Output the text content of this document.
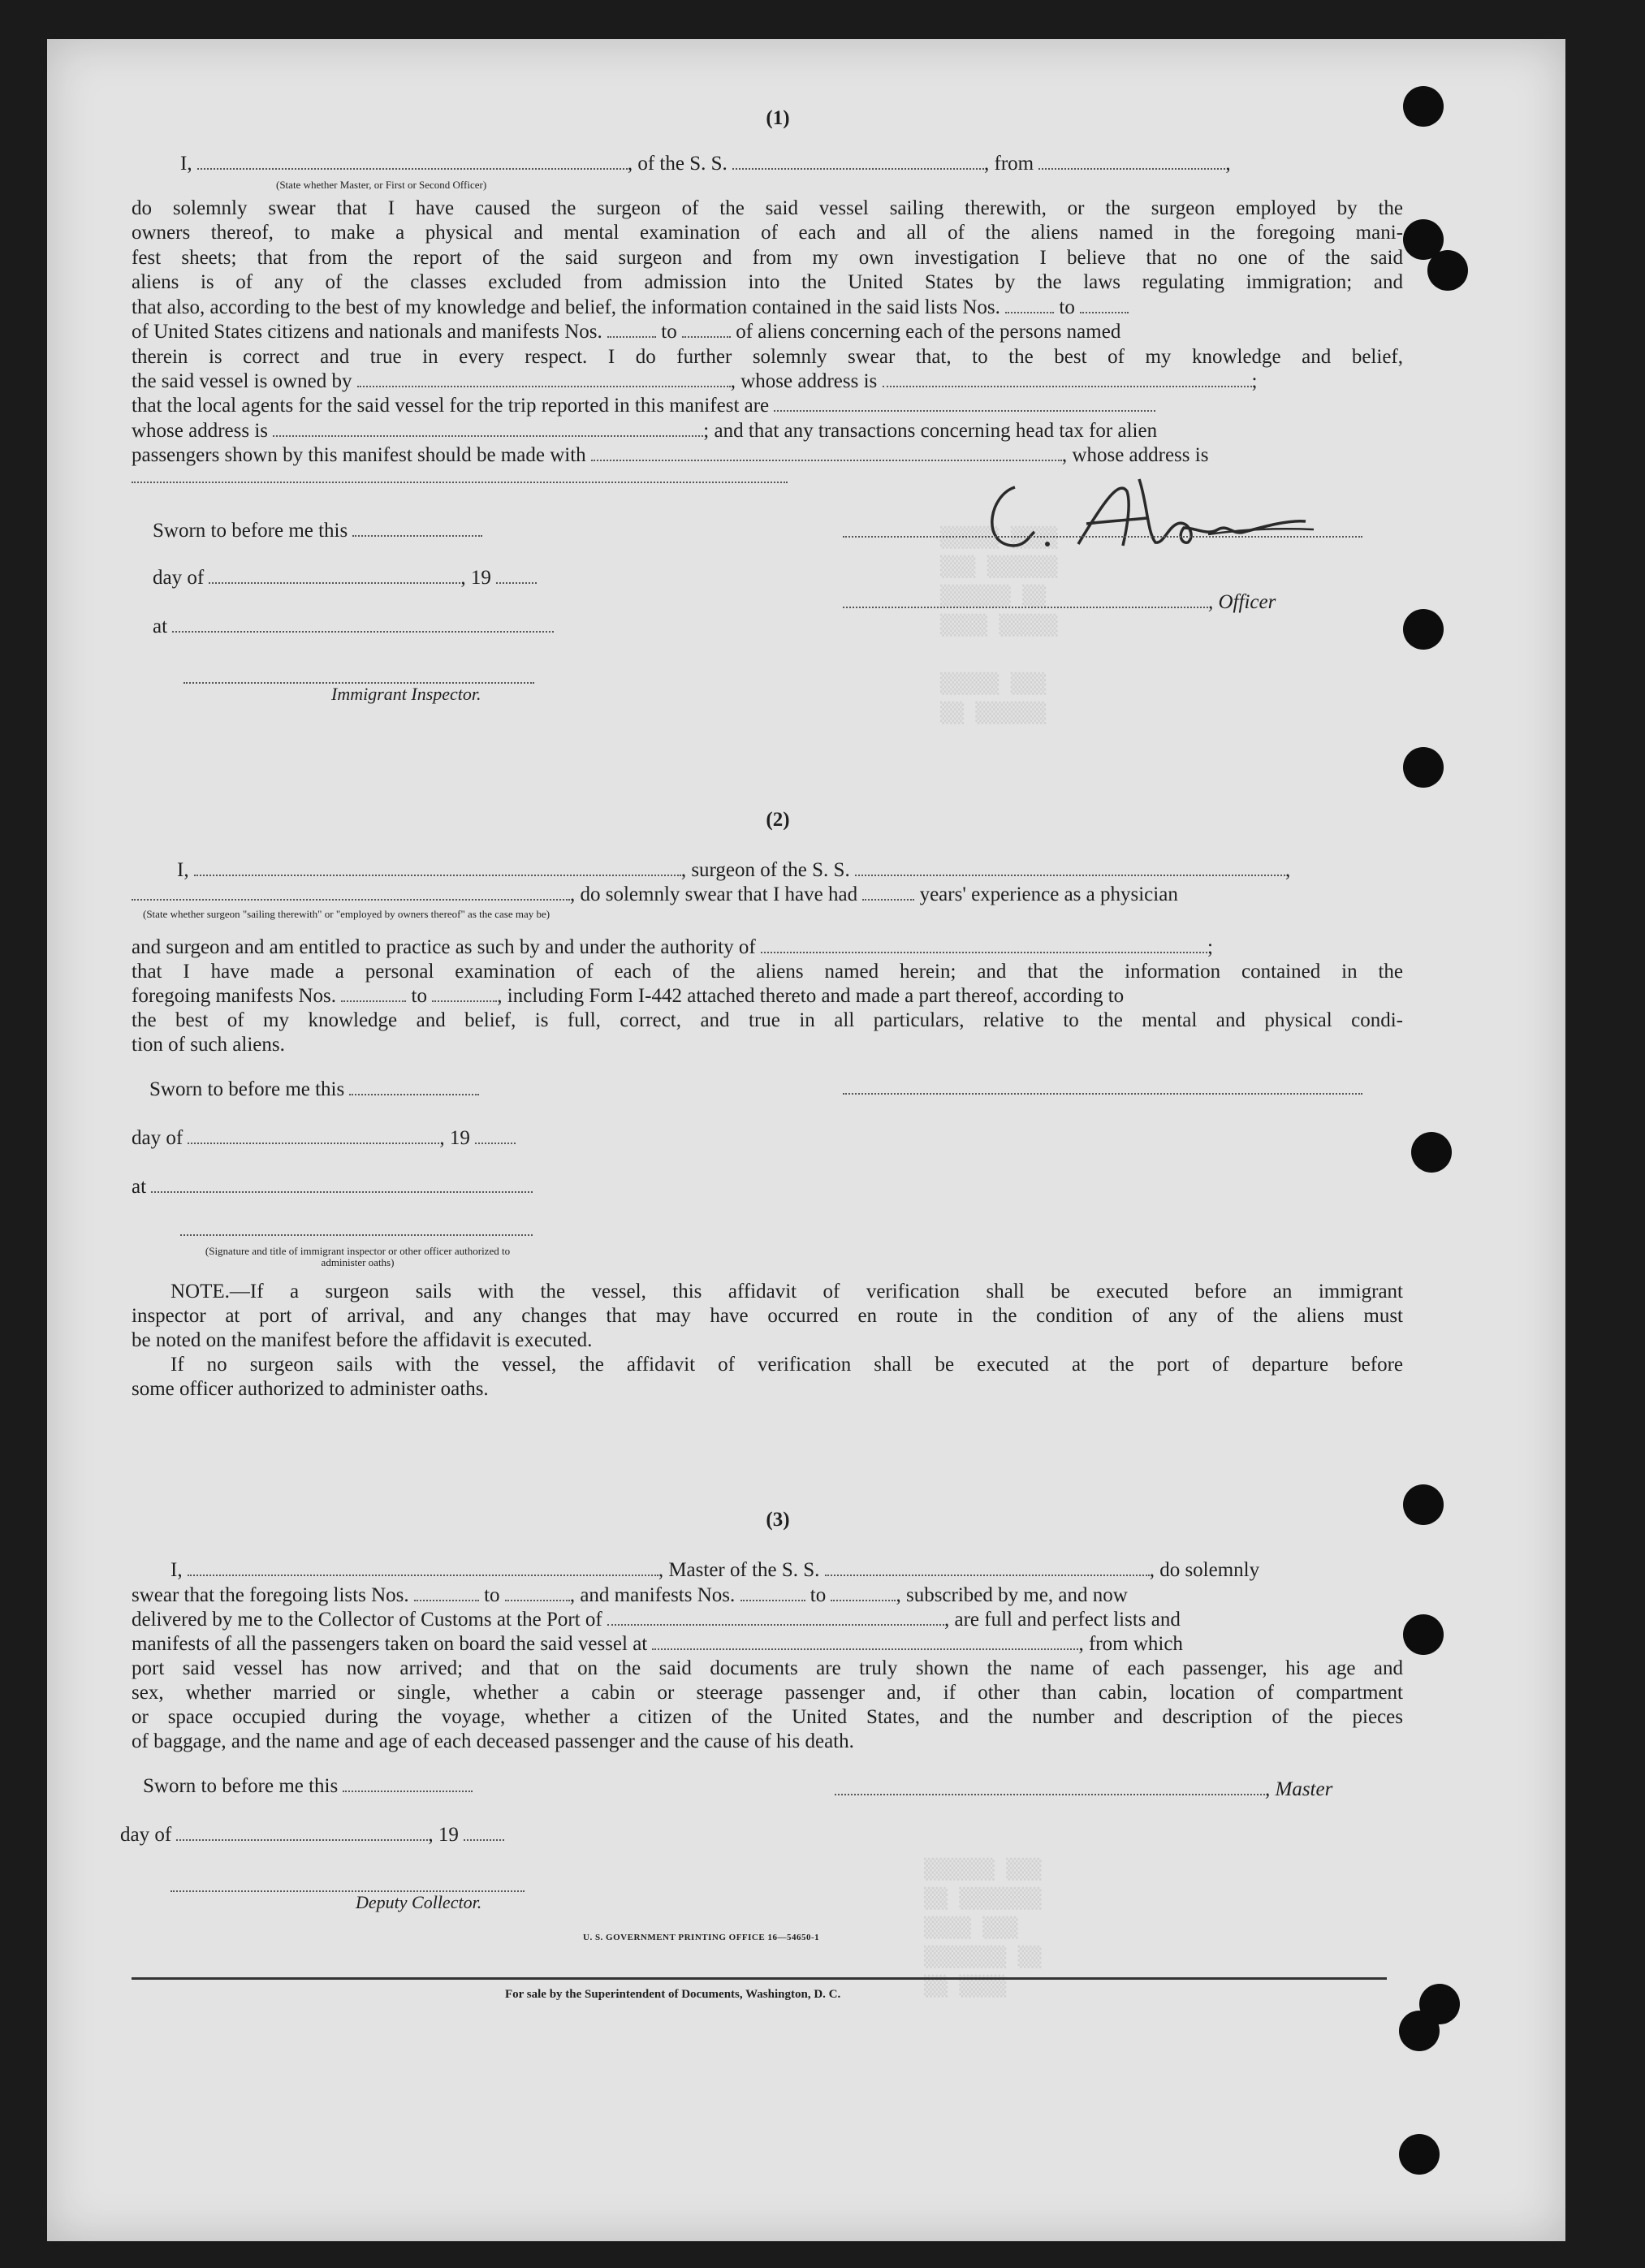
▒▒▒▒▒ ▒▒▒▒
▒▒▒ ▒▒▒▒▒▒
▒▒▒▒▒▒ ▒▒
▒▒▒▒ ▒▒▒▒▒

▒▒▒▒▒ ▒▒▒
▒▒ ▒▒▒▒▒▒

▒▒▒▒▒▒ ▒▒▒
▒▒ ▒▒▒▒▒▒▒
▒▒▒▒ ▒▒▒
▒▒▒▒▒▒▒ ▒▒
▒▒ ▒▒▒▒

(1)
I,	, of the S. S.	, from	,
(State whether Master, or First or Second Officer)
do solemnly swear that I have caused the surgeon of the said vessel sailing therewith, or the surgeon employed by the
owners thereof, to make a physical and mental examination of each and all of the aliens named in the foregoing mani-
fest sheets; that from the report of the said surgeon and from my own investigation I believe that no one of the said
aliens is of any of the classes excluded from admission into the United States by the laws regulating immigration; and
that also, according to the best of my knowledge and belief, the information contained in the said lists Nos.	to
of United States citizens and nationals and manifests Nos.	to	of aliens concerning each of the persons named
therein is correct and true in every respect. I do further solemnly swear that, to the best of my knowledge and belief,
the said vessel is owned by	, whose address is	;
that the local agents for the said vessel for the trip reported in this manifest are
whose address is	; and that any transactions concerning head tax for alien
passengers shown by this manifest should be made with	, whose address is
Sworn to before me this
day of	, 19
at
Immigrant Inspector.
, Officer
(2)
I,	, surgeon of the S. S.	,
, do solemnly swear that I have had	years' experience as a physician
(State whether surgeon "sailing therewith" or "employed by owners thereof" as the case may be)
and surgeon and am entitled to practice as such by and under the authority of	;
that I have made a personal examination of each of the aliens named herein; and that the information contained in the
foregoing manifests Nos.	to	, including Form I-442 attached thereto and made a part thereof, according to
the best of my knowledge and belief, is full, correct, and true in all particulars, relative to the mental and physical condi-
tion of such aliens.
Sworn to before me this
day of	, 19
at
(Signature and title of immigrant inspector or other officer authorized to administer oaths)
NOTE.—If a surgeon sails with the vessel, this affidavit of verification shall be executed before an immigrant
inspector at port of arrival, and any changes that may have occurred en route in the condition of any of the aliens must
be noted on the manifest before the affidavit is executed.
If no surgeon sails with the vessel, the affidavit of verification shall be executed at the port of departure before
some officer authorized to administer oaths.
(3)
I,	, Master of the S. S.	, do solemnly
swear that the foregoing lists Nos.	to	, and manifests Nos.	to	, subscribed by me, and now
delivered by me to the Collector of Customs at the Port of	, are full and perfect lists and
manifests of all the passengers taken on board the said vessel at	, from which
port said vessel has now arrived; and that on the said documents are truly shown the name of each passenger, his age and
sex, whether married or single, whether a cabin or steerage passenger and, if other than cabin, location of compartment
or space occupied during the voyage, whether a citizen of the United States, and the number and description of the pieces
of baggage, and the name and age of each deceased passenger and the cause of his death.
Sworn to before me this	, Master
day of	, 19
Deputy Collector.
U. S. GOVERNMENT PRINTING OFFICE 16—54650-1
For sale by the Superintendent of Documents, Washington, D. C.
